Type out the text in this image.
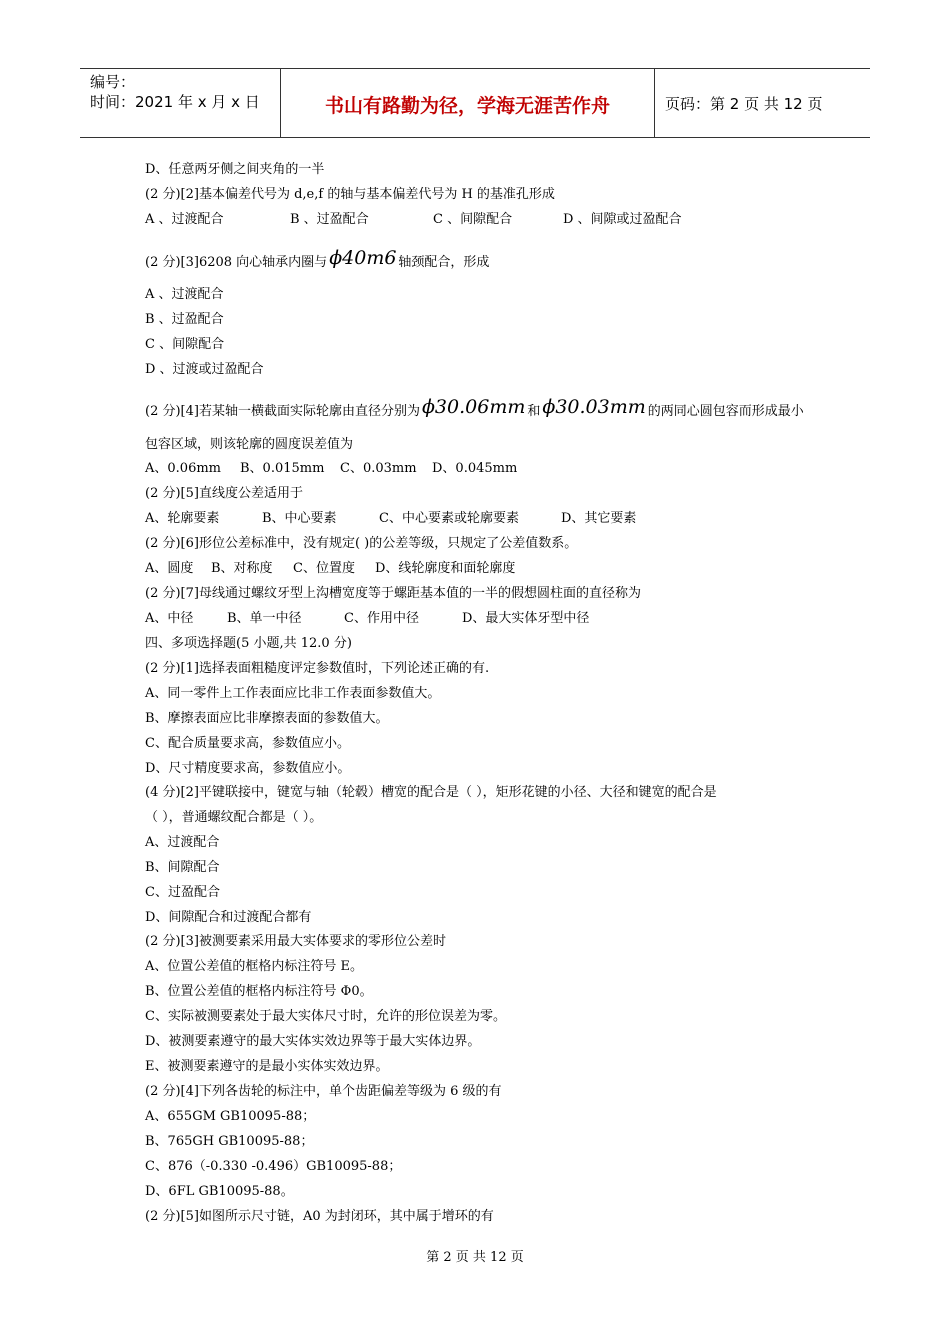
编号：
时间：2021 年 x 月 x 日	书山有路勤为径，学海无涯苦作舟	页码：第 2 页 共 12 页
D、任意两牙侧之间夹角的一半
(2 分)[2]基本偏差代号为 d,e,f 的轴与基本偏差代号为 H 的基准孔形成
A 、过渡配合	B 、过盈配合	C 、间隙配合	D 、间隙或过盈配合
(2 分)[3]6208 向心轴承内圈与 ϕ40m6 轴颈配合，形成
A 、过渡配合
B 、过盈配合
C 、间隙配合
D 、过渡或过盈配合
(2 分)[4]若某轴一横截面实际轮廓由直径分别为 ϕ30.06mm 和 ϕ30.03mm 的两同心圆包容而形成最小
包容区域，则该轮廓的圆度误差值为
A、0.06mm B、0.015mm C、0.03mm D、0.045mm
(2 分)[5]直线度公差适用于
A、轮廓要素	B、中心要素	C、中心要素或轮廓要素	D、其它要素
(2 分)[6]形位公差标准中，没有规定( )的公差等级，只规定了公差值数系。
A、圆度 B、对称度 C、位置度 D、线轮廓度和面轮廓度
(2 分)[7]母线通过螺纹牙型上沟槽宽度等于螺距基本值的一半的假想圆柱面的直径称为
A、中径	B、单一中径	C、作用中径	D、最大实体牙型中径
四、多项选择题(5 小题,共 12.0 分)
(2 分)[1]选择表面粗糙度评定参数值时，下列论述正确的有.
A、同一零件上工作表面应比非工作表面参数值大。
B、摩擦表面应比非摩擦表面的参数值大。
C、配合质量要求高，参数值应小。
D、尺寸精度要求高，参数值应小。
(4 分)[2]平键联接中，键宽与轴（轮毂）槽宽的配合是（ ），矩形花键的小径、大径和键宽的配合是
（ ），普通螺纹配合都是（ ）。
A、过渡配合
B、间隙配合
C、过盈配合
D、间隙配合和过渡配合都有
(2 分)[3]被测要素采用最大实体要求的零形位公差时
A、位置公差值的框格内标注符号 E。
B、位置公差值的框格内标注符号 Φ0。
C、实际被测要素处于最大实体尺寸时，允许的形位误差为零。
D、被测要素遵守的最大实体实效边界等于最大实体边界。
E、被测要素遵守的是最小实体实效边界。
(2 分)[4]下列各齿轮的标注中，单个齿距偏差等级为 6 级的有
A、655GM GB10095-88；
B、765GH GB10095-88；
C、876（-0.330 -0.496）GB10095-88；
D、6FL GB10095-88。
(2 分)[5]如图所示尺寸链，A0 为封闭环，其中属于增环的有
第 2 页 共 12 页
